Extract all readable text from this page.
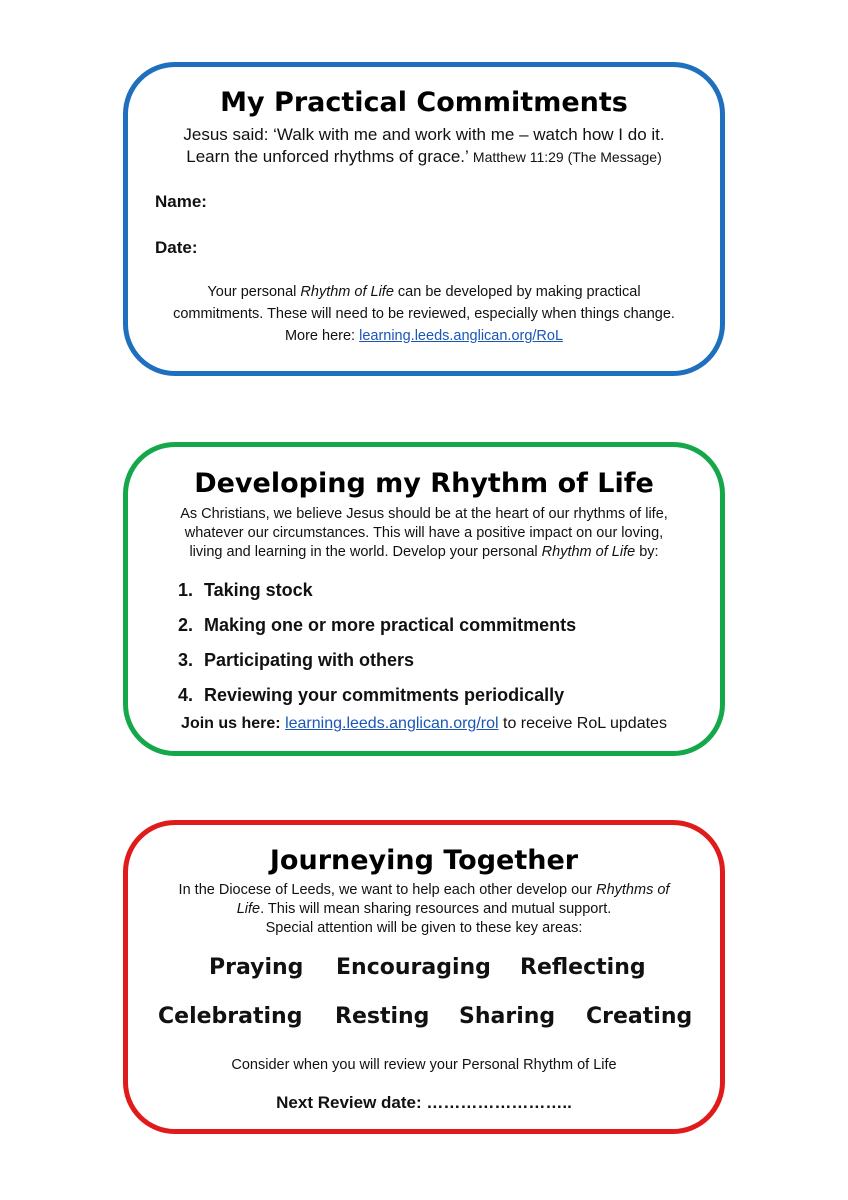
My Practical Commitments
Jesus said: ‘Walk with me and work with me – watch how I do it.
Learn the unforced rhythms of grace.’ Matthew 11:29 (The Message)
Name:
Date:
Your personal Rhythm of Life can be developed by making practical
commitments. These will need to be reviewed, especially when things change.
More here: learning.leeds.anglican.org/RoL
Developing my Rhythm of Life
As Christians, we believe Jesus should be at the heart of our rhythms of life,
whatever our circumstances. This will have a positive impact on our loving,
living and learning in the world. Develop your personal Rhythm of Life by:
1. Taking stock
2. Making one or more practical commitments
3. Participating with others
4. Reviewing your commitments periodically
Join us here: learning.leeds.anglican.org/rol to receive RoL updates
Journeying Together
In the Diocese of Leeds, we want to help each other develop our Rhythms of
Life. This will mean sharing resources and mutual support.
Special attention will be given to these key areas:
Praying Encouraging Reflecting
Celebrating Resting Sharing Creating
Consider when you will review your Personal Rhythm of Life
Next Review date: ……………………..
